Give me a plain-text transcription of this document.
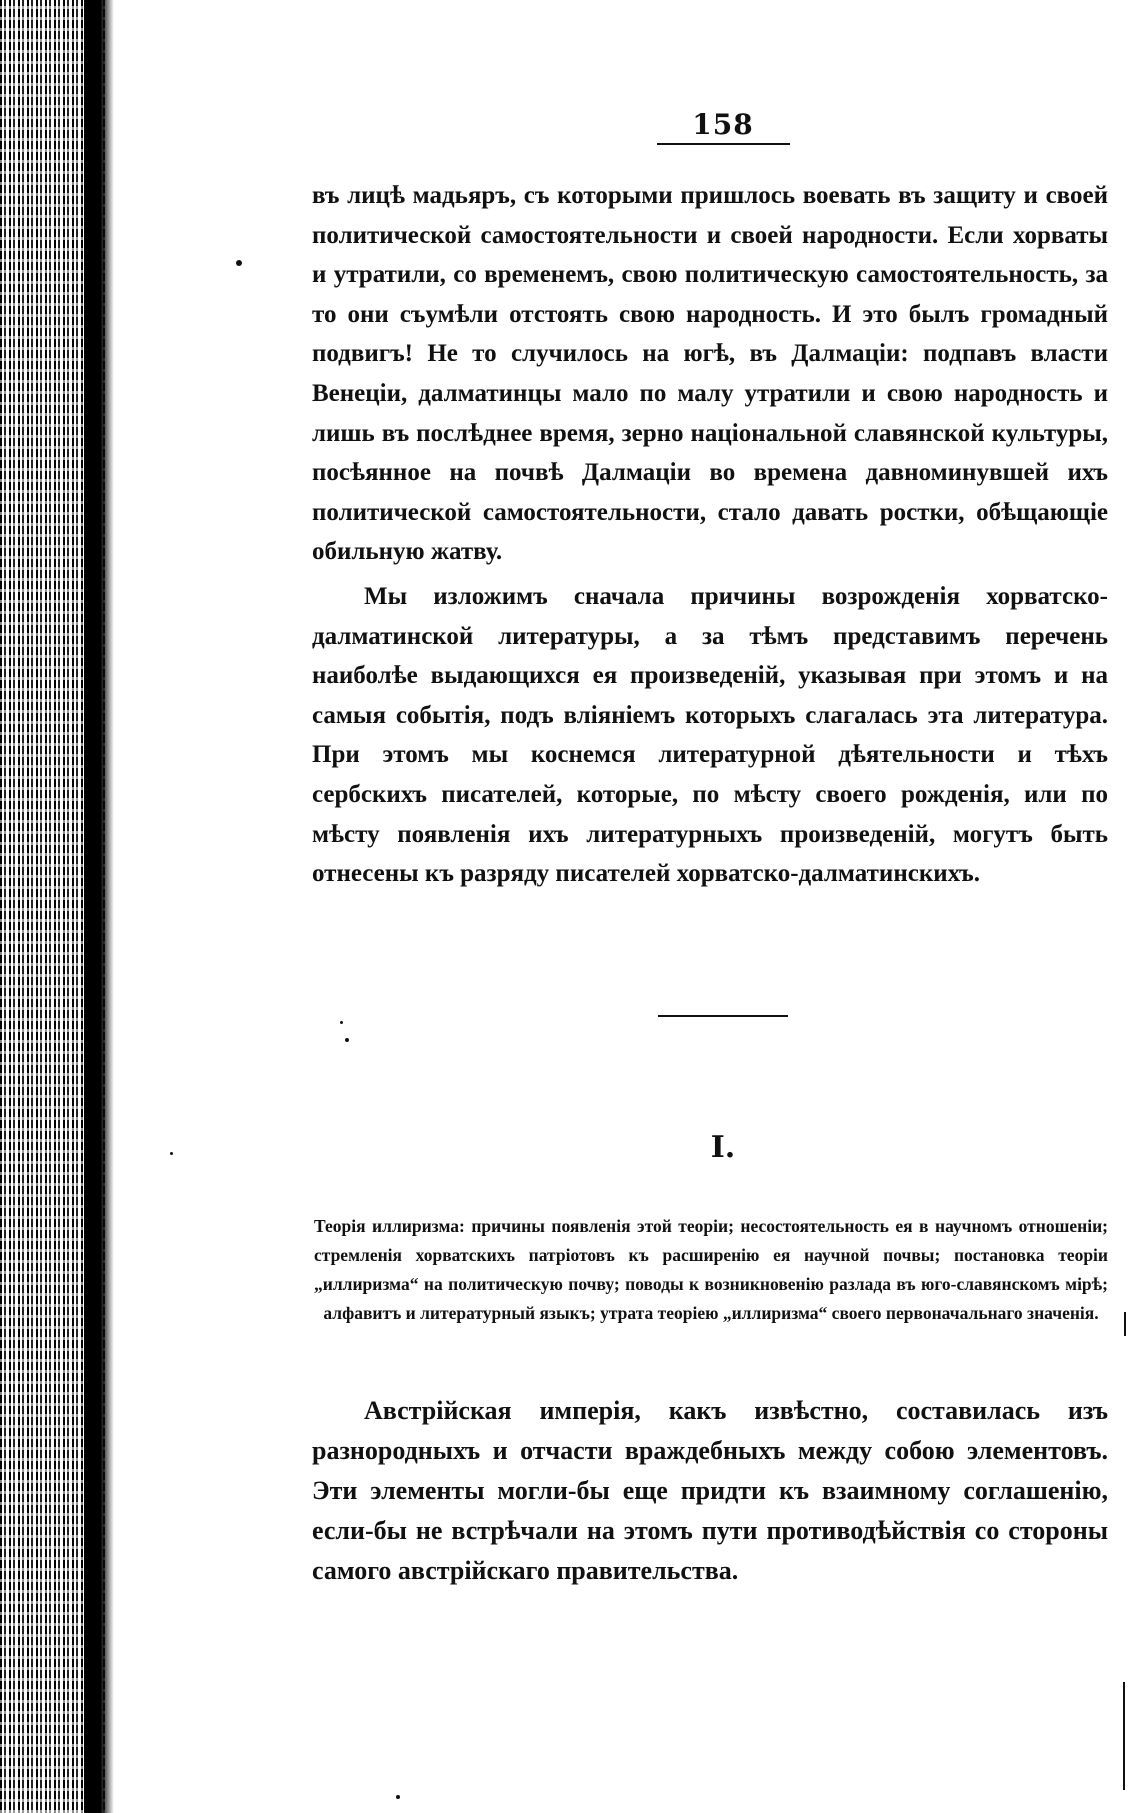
158

въ лицѣ мадьяръ, съ которыми пришлось воевать въ защиту и своей политической самостоятельности и своей народности. Если хорваты и утратили, со временемъ, свою политическую самостоятельность, за то они съумѣли отстоять свою народность. И это былъ громадный подвигъ! Не то случилось на югѣ, въ Далмаціи: подпавъ власти Венеціи, далматинцы мало по малу утратили и свою народность и лишь въ послѣднее время, зерно національной славянской культуры, посѣянное на почвѣ Далмаціи во времена давноминувшей ихъ политической самостоятельности, стало давать ростки, обѣщающіе обильную жатву.

Мы изложимъ сначала причины возрожденія хорватско-далматинской литературы, а за тѣмъ представимъ перечень наиболѣе выдающихся ея произведеній, указывая при этомъ и на самыя событія, подъ вліяніемъ которыхъ слагалась эта литература. При этомъ мы коснемся литературной дѣятельности и тѣхъ сербскихъ писателей, которые, по мѣсту своего рожденія, или по мѣсту появленія ихъ литературныхъ произведеній, могутъ быть отнесены къ разряду писателей хорватско-далматинскихъ.

I.

Теорія иллиризма: причины появленія этой теоріи; несостоятельность ея в научномъ отношеніи; стремленія хорватскихъ патріотовъ къ расширенію ея научной почвы; постановка теоріи „иллиризма“ на политическую почву; поводы к возникновенію разлада въ юго-славянскомъ мірѣ; алфавитъ и литературный языкъ; утрата теоріею „иллиризма“ своего первоначальнаго значенія.

Австрійская имперія, какъ извѣстно, составилась изъ разнородныхъ и отчасти враждебныхъ между собою элементовъ. Эти элементы могли-бы еще придти къ взаимному соглашенію, если-бы не встрѣчали на этомъ пути противодѣйствія со стороны самого австрійскаго правительства.
